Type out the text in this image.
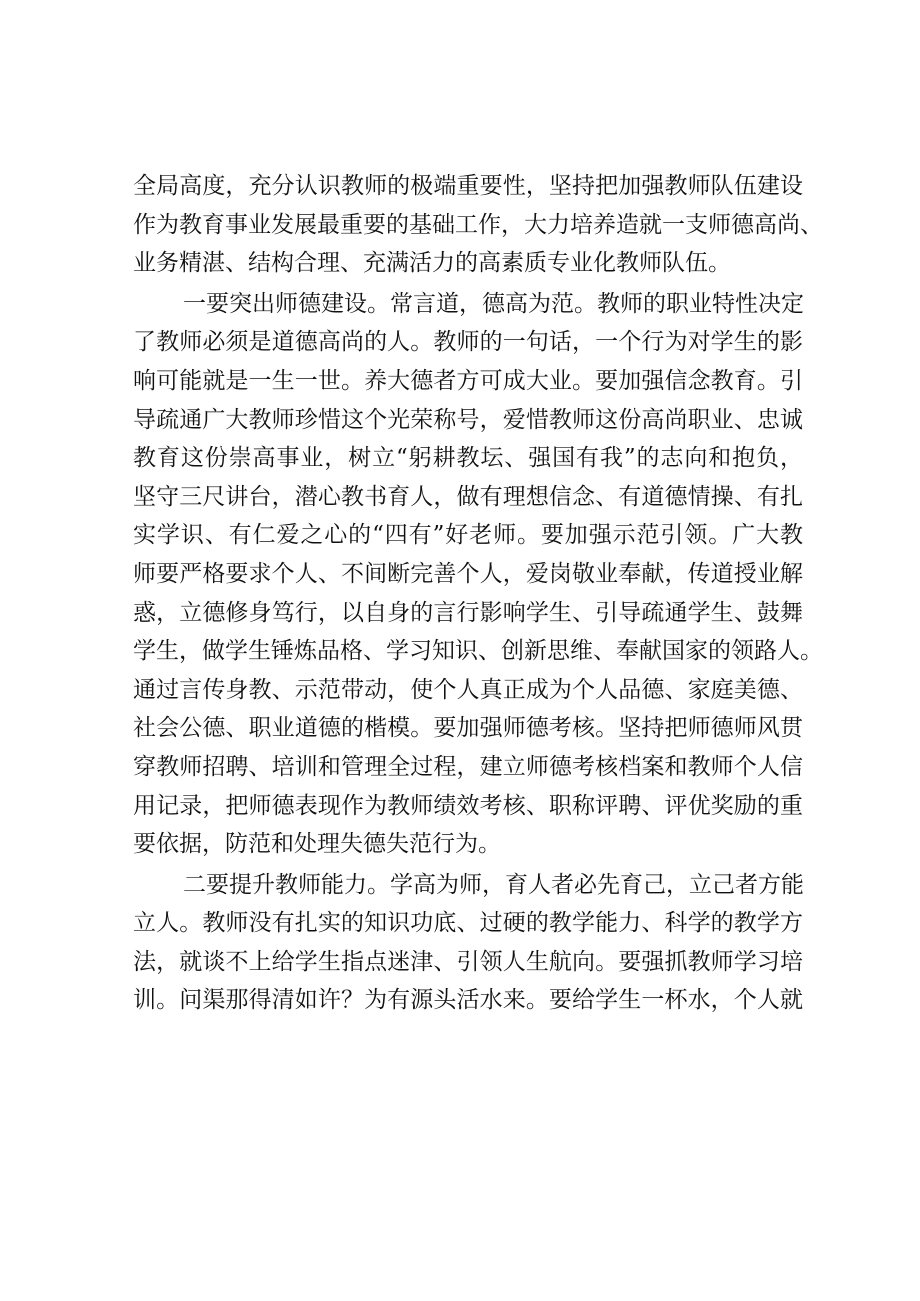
全局高度，充分认识教师的极端重要性，坚持把加强教师队伍建设
作为教育事业发展最重要的基础工作，大力培养造就一支师德高尚、
业务精湛、结构合理、充满活力的高素质专业化教师队伍。
一要突出师德建设。常言道，德高为范。教师的职业特性决定
了教师必须是道德高尚的人。教师的一句话，一个行为对学生的影
响可能就是一生一世。养大德者方可成大业。要加强信念教育。引
导疏通广大教师珍惜这个光荣称号，爱惜教师这份高尚职业、忠诚
教育这份崇高事业，树立“躬耕教坛、强国有我”的志向和抱负，
坚守三尺讲台，潜心教书育人，做有理想信念、有道德情操、有扎
实学识、有仁爱之心的“四有”好老师。要加强示范引领。广大教
师要严格要求个人、不间断完善个人，爱岗敬业奉献，传道授业解
惑，立德修身笃行，以自身的言行影响学生、引导疏通学生、鼓舞
学生，做学生锤炼品格、学习知识、创新思维、奉献国家的领路人。
通过言传身教、示范带动，使个人真正成为个人品德、家庭美德、
社会公德、职业道德的楷模。要加强师德考核。坚持把师德师风贯
穿教师招聘、培训和管理全过程，建立师德考核档案和教师个人信
用记录，把师德表现作为教师绩效考核、职称评聘、评优奖励的重
要依据，防范和处理失德失范行为。
二要提升教师能力。学高为师，育人者必先育己，立己者方能
立人。教师没有扎实的知识功底、过硬的教学能力、科学的教学方
法，就谈不上给学生指点迷津、引领人生航向。要强抓教师学习培
训。问渠那得清如许？为有源头活水来。要给学生一杯水，个人就
